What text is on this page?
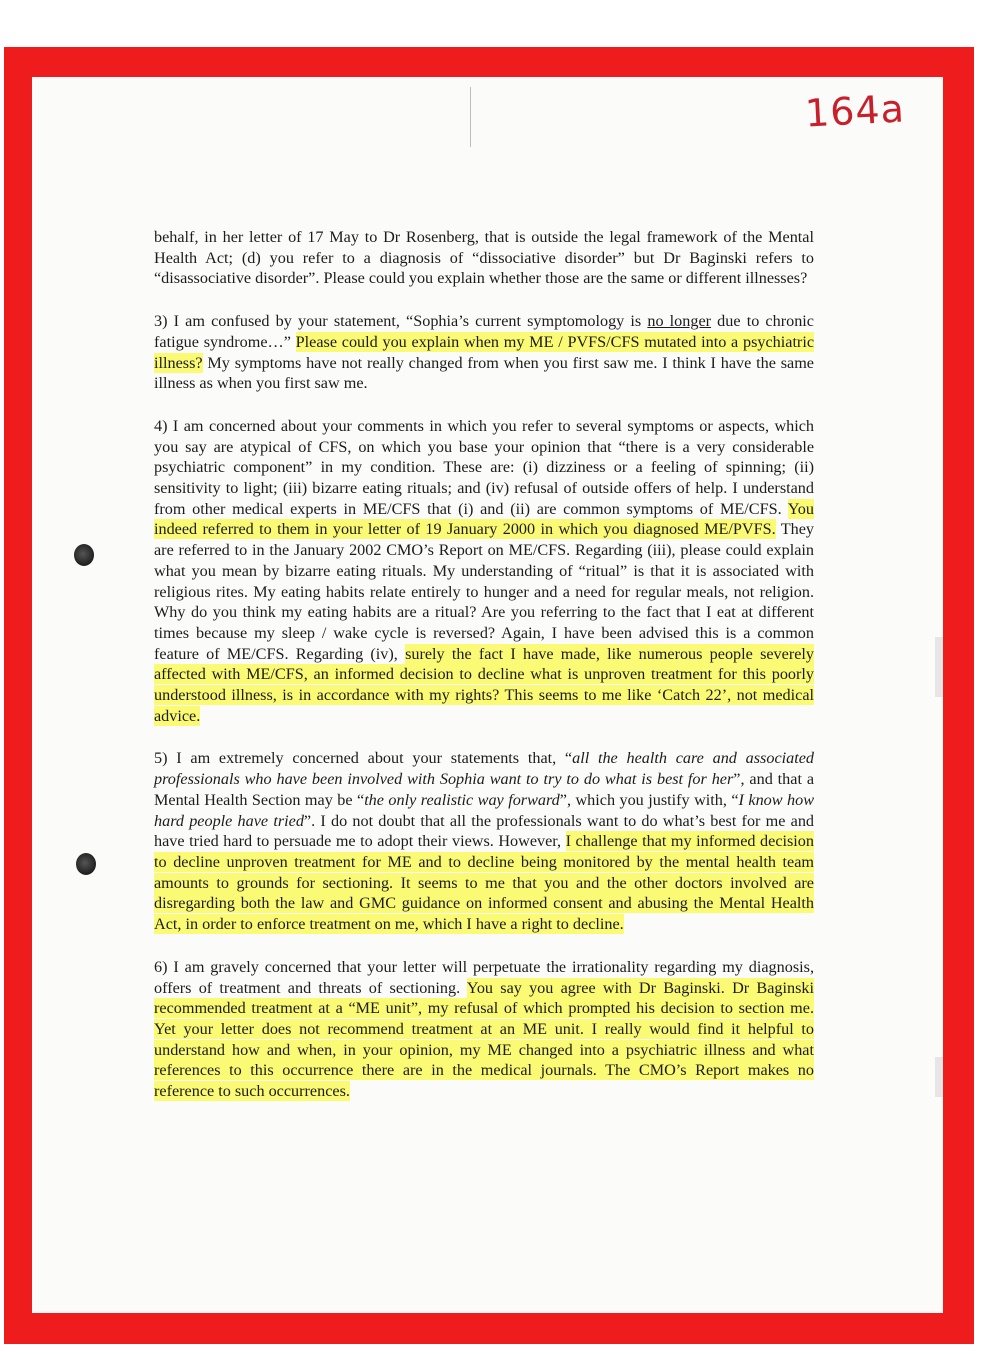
164a

behalf, in her letter of 17 May to Dr Rosenberg, that is outside the legal framework of the Mental Health Act; (d) you refer to a diagnosis of “dissociative disorder” but Dr Baginski refers to “disassociative disorder”. Please could you explain whether those are the same or different illnesses?

3) I am confused by your statement, “Sophia’s current symptomology is no longer due to chronic fatigue syndrome…” Please could you explain when my ME / PVFS/CFS mutated into a psychiatric illness? My symptoms have not really changed from when you first saw me. I think I have the same illness as when you first saw me.

4) I am concerned about your comments in which you refer to several symptoms or aspects, which you say are atypical of CFS, on which you base your opinion that “there is a very considerable psychiatric component” in my condition. These are: (i) dizziness or a feeling of spinning; (ii) sensitivity to light; (iii) bizarre eating rituals; and (iv) refusal of outside offers of help. I understand from other medical experts in ME/CFS that (i) and (ii) are common symptoms of ME/CFS. You indeed referred to them in your letter of 19 January 2000 in which you diagnosed ME/PVFS. They are referred to in the January 2002 CMO’s Report on ME/CFS. Regarding (iii), please could explain what you mean by bizarre eating rituals. My understanding of “ritual” is that it is associated with religious rites. My eating habits relate entirely to hunger and a need for regular meals, not religion. Why do you think my eating habits are a ritual? Are you referring to the fact that I eat at different times because my sleep / wake cycle is reversed? Again, I have been advised this is a common feature of ME/CFS. Regarding (iv), surely the fact I have made, like numerous people severely affected with ME/CFS, an informed decision to decline what is unproven treatment for this poorly understood illness, is in accordance with my rights? This seems to me like ‘Catch 22’, not medical advice.

5) I am extremely concerned about your statements that, “all the health care and associated professionals who have been involved with Sophia want to try to do what is best for her”, and that a Mental Health Section may be “the only realistic way forward”, which you justify with, “I know how hard people have tried”. I do not doubt that all the professionals want to do what’s best for me and have tried hard to persuade me to adopt their views. However, I challenge that my informed decision to decline unproven treatment for ME and to decline being monitored by the mental health team amounts to grounds for sectioning. It seems to me that you and the other doctors involved are disregarding both the law and GMC guidance on informed consent and abusing the Mental Health Act, in order to enforce treatment on me, which I have a right to decline.

6) I am gravely concerned that your letter will perpetuate the irrationality regarding my diagnosis, offers of treatment and threats of sectioning. You say you agree with Dr Baginski. Dr Baginski recommended treatment at a “ME unit”, my refusal of which prompted his decision to section me. Yet your letter does not recommend treatment at an ME unit. I really would find it helpful to understand how and when, in your opinion, my ME changed into a psychiatric illness and what references to this occurrence there are in the medical journals. The CMO’s Report makes no reference to such occurrences.
